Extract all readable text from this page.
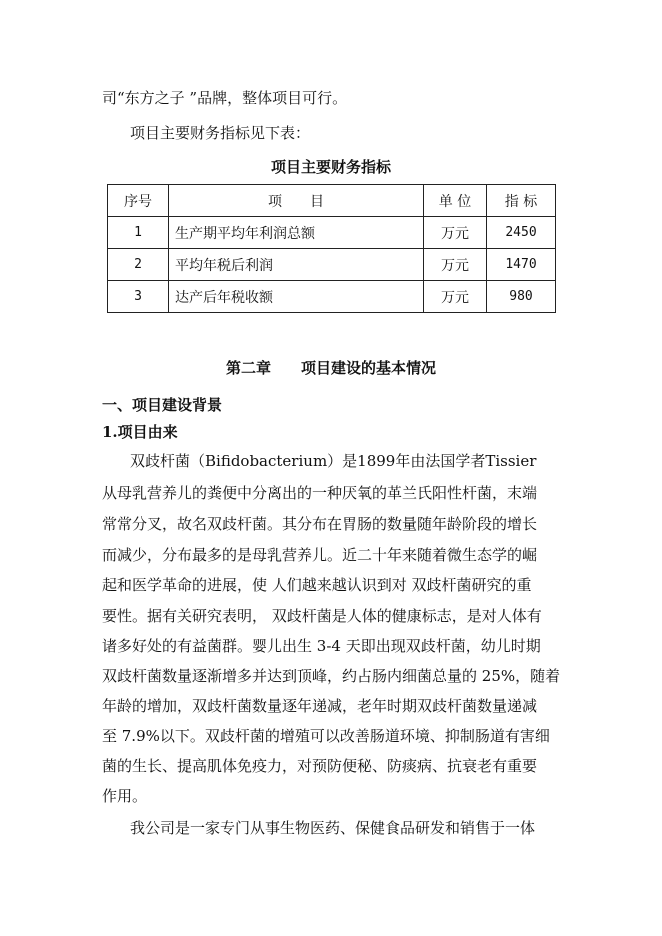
司“东方之子 ”品牌，整体项目可行。
项目主要财务指标见下表：
项目主要财务指标
序号	项　　目	单 位	指 标
1	生产期平均年利润总额	万元	2450
2	平均年税后利润	万元	1470
3	达产后年税收额	万元	980
第二章 项目建设的基本情况
一、项目建设背景
1.项目由来
双歧杆菌（Bifidobacterium）是1899年由法国学者Tissier
从母乳营养儿的粪便中分离出的一种厌氧的革兰氏阳性杆菌，末端
常常分叉，故名双歧杆菌。其分布在胃肠的数量随年龄阶段的增长
而减少，分布最多的是母乳营养儿。近二十年来随着微生态学的崛
起和医学革命的进展，使 人们越来越认识到对 双歧杆菌研究的重
要性。据有关研究表明， 双歧杆菌是人体的健康标志，是对人体有
诸多好处的有益菌群。婴儿出生 3-4 天即出现双歧杆菌，幼儿时期
双歧杆菌数量逐渐增多并达到顶峰，约占肠内细菌总量的 25%，随着
年龄的增加，双歧杆菌数量逐年递减，老年时期双歧杆菌数量递减
至 7.9%以下。双歧杆菌的增殖可以改善肠道环境、抑制肠道有害细
菌的生长、提高肌体免疫力，对预防便秘、防痰病、抗衰老有重要
作用。
我公司是一家专门从事生物医药、保健食品研发和销售于一体
